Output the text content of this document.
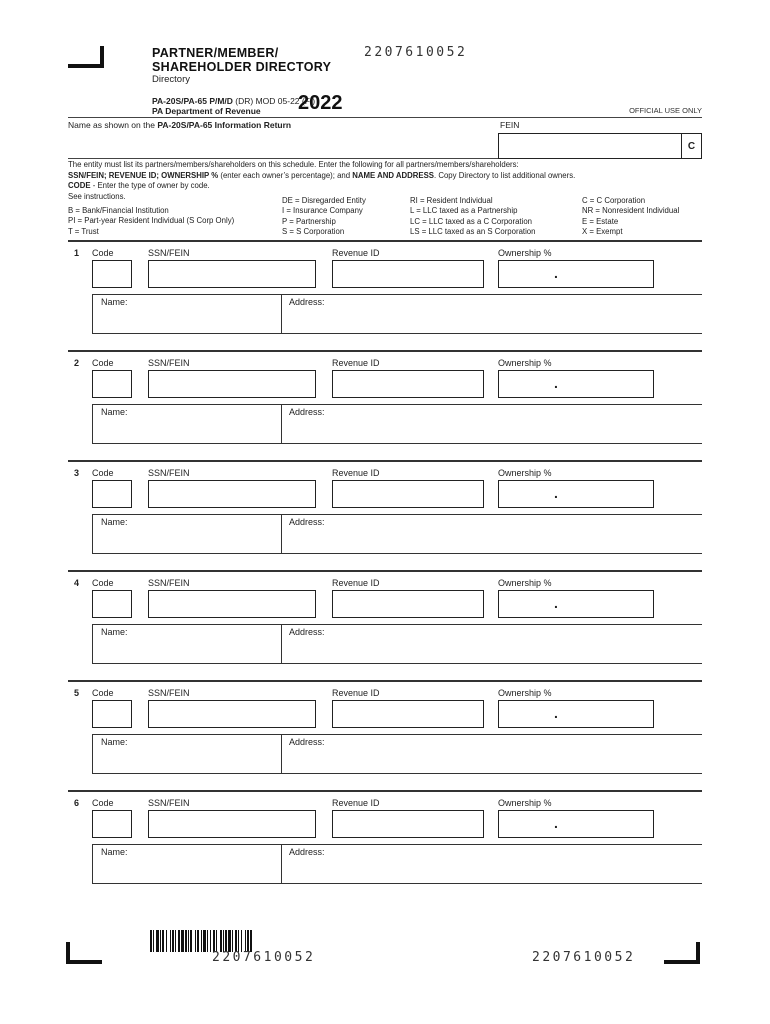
PARTNER/MEMBER/
SHAREHOLDER DIRECTORY
Directory
2207610052
PA-20S/PA-65 P/M/D (DR) MOD 05-22 (FI)
PA Department of Revenue	2022	OFFICIAL USE ONLY
Name as shown on the PA-20S/PA-65 Information Return	FEIN
C
The entity must list its partners/members/shareholders on this schedule. Enter the following for all partners/members/shareholders:
SSN/FEIN; REVENUE ID; OWNERSHIP % (enter each owner’s percentage); and NAME AND ADDRESS. Copy Directory to list additional owners.
CODE - Enter the type of owner by code.
See instructions.
B = Bank/Financial Institution
PI = Part-year Resident Individual (S Corp Only)
T = Trust
DE = Disregarded Entity
I = Insurance Company
P = Partnership
S = S Corporation
RI = Resident Individual
L = LLC taxed as a Partnership
LC = LLC taxed as a C Corporation
LS = LLC taxed as an S Corporation
C = C Corporation
NR = Nonresident Individual
E = Estate
X = Exempt
1 Code	SSN/FEIN	Revenue ID	Ownership %
.
Name:	Address:
2 Code	SSN/FEIN	Revenue ID	Ownership %
.
Name:	Address:
3 Code	SSN/FEIN	Revenue ID	Ownership %
.
Name:	Address:
4 Code	SSN/FEIN	Revenue ID	Ownership %
.
Name:	Address:
5 Code	SSN/FEIN	Revenue ID	Ownership %
.
Name:	Address:
6 Code	SSN/FEIN	Revenue ID	Ownership %
.
Name:	Address:
2207610052	2207610052
